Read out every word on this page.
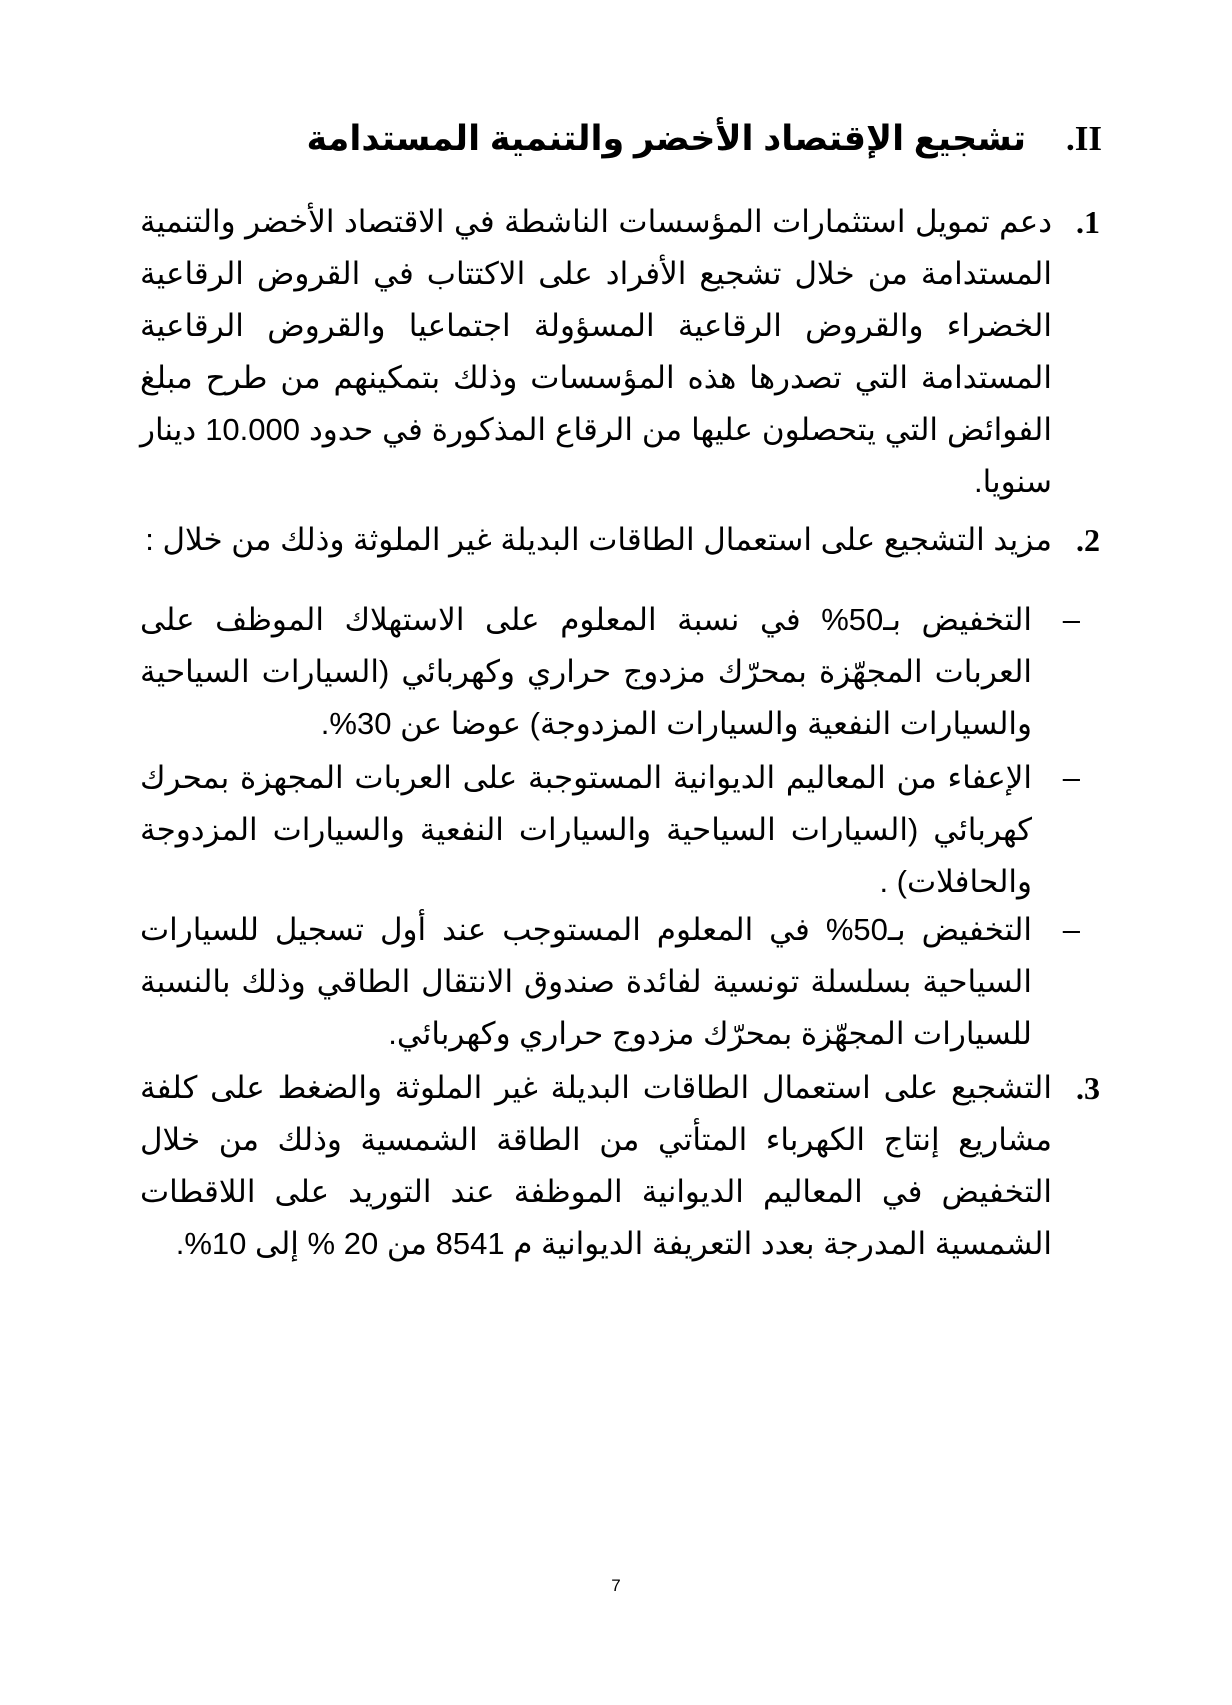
II.تشجيع الإقتصاد الأخضر والتنمية المستدامة
1.
دعم تمويل استثمارات المؤسسات الناشطة في الاقتصاد الأخضر والتنمية المستدامة من خلال تشجيع الأفراد على الاكتتاب في القروض الرقاعية الخضراء والقروض الرقاعية المسؤولة اجتماعيا والقروض الرقاعية المستدامة التي تصدرها هذه المؤسسات وذلك بتمكينهم من طرح مبلغ الفوائض التي يتحصلون عليها من الرقاع المذكورة في حدود 10.000 دينار سنويا.
2.
مزيد التشجيع على استعمال الطاقات البديلة غير الملوثة وذلك من خلال :
–
التخفيض بـ50% في نسبة المعلوم على الاستهلاك الموظف على العربات المجهّزة بمحرّك مزدوج حراري وكهربائي (السيارات السياحية والسيارات النفعية والسيارات المزدوجة) عوضا عن 30%.
–
الإعفاء من المعاليم الديوانية المستوجبة على العربات المجهزة بمحرك كهربائي (السيارات السياحية والسيارات النفعية والسيارات المزدوجة والحافلات) .
–
التخفيض بـ50% في المعلوم المستوجب عند أول تسجيل للسيارات السياحية بسلسلة تونسية لفائدة صندوق الانتقال الطاقي وذلك بالنسبة للسيارات المجهّزة بمحرّك مزدوج حراري وكهربائي.
3.
التشجيع على استعمال الطاقات البديلة غير الملوثة والضغط على كلفة مشاريع إنتاج الكهرباء المتأتي من الطاقة الشمسية وذلك من خلال التخفيض في المعاليم الديوانية الموظفة عند التوريد على اللاقطات الشمسية المدرجة بعدد التعريفة الديوانية م 8541 من 20 % إلى 10%.
7
